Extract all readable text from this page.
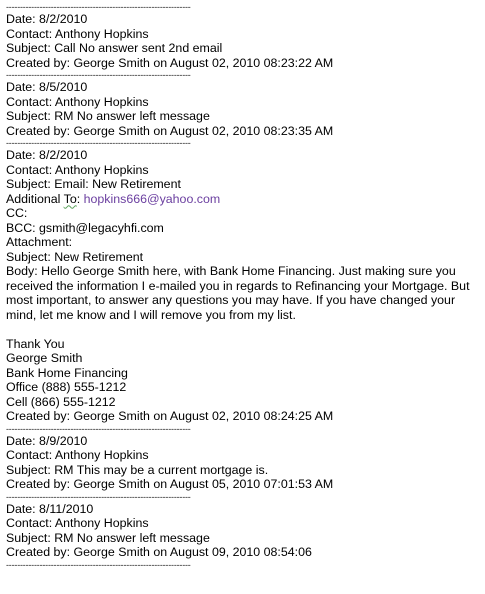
------------------------------------------------------------------
Date: 8/2/2010
Contact: Anthony Hopkins
Subject: Call No answer sent 2nd email
Created by: George Smith on August 02, 2010 08:23:22 AM
------------------------------------------------------------------
Date: 8/5/2010
Contact: Anthony Hopkins
Subject: RM No answer left message
Created by: George Smith on August 02, 2010 08:23:35 AM
------------------------------------------------------------------
Date: 8/2/2010
Contact: Anthony Hopkins
Subject: Email: New Retirement
Additional To: hopkins666@yahoo.com
CC:
BCC: gsmith@legacyhfi.com
Attachment:
Subject: New Retirement
Body: Hello George Smith here, with Bank Home Financing. Just making sure you received the information I e-mailed you in regards to Refinancing your Mortgage. But most important, to answer any questions you may have. If you have changed your mind, let me know and I will remove you from my list.
Thank You
George Smith
Bank Home Financing
Office (888) 555-1212
Cell (866) 555-1212
Created by: George Smith on August 02, 2010 08:24:25 AM
------------------------------------------------------------------
Date: 8/9/2010
Contact: Anthony Hopkins
Subject: RM This may be a current mortgage is.
Created by: George Smith on August 05, 2010 07:01:53 AM
------------------------------------------------------------------
Date: 8/11/2010
Contact: Anthony Hopkins
Subject: RM No answer left message
Created by: George Smith on August 09, 2010 08:54:06
------------------------------------------------------------------
